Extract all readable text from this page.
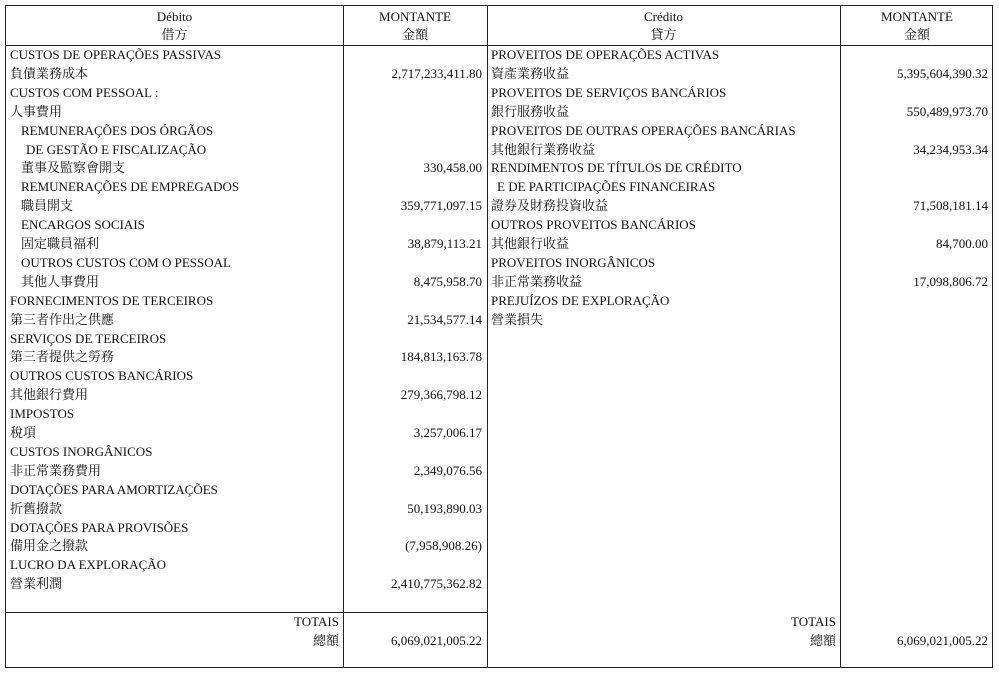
Débito
借方
MONTANTE
金額
Crédito
貸方
MONTANTE
金額
CUSTOS DE OPERAÇÕES PASSIVAS
負債業務成本	2,717,233,411.80
CUSTOS COM PESSOAL :
人事費用
REMUNERAÇÕES DOS ÓRGÃOS
DE GESTÃO E FISCALIZAÇÃO
董事及監察會開支	330,458.00
REMUNERAÇÕES DE EMPREGADOS
職員開支	359,771,097.15
ENCARGOS SOCIAIS
固定職員福利	38,879,113.21
OUTROS CUSTOS COM O PESSOAL
其他人事費用	8,475,958.70
FORNECIMENTOS DE TERCEIROS
第三者作出之供應	21,534,577.14
SERVIÇOS DE TERCEIROS
第三者提供之勞務	184,813,163.78
OUTROS CUSTOS BANCÁRIOS
其他銀行費用	279,366,798.12
IMPOSTOS
稅項	3,257,006.17
CUSTOS INORGÂNICOS
非正常業務費用	2,349,076.56
DOTAÇÕES PARA AMORTIZAÇÕES
折舊撥款	50,193,890.03
DOTAÇÕES PARA PROVISÕES
備用金之撥款	(7,958,908.26)
LUCRO DA EXPLORAÇÃO
營業利潤	2,410,775,362.82
PROVEITOS DE OPERAÇÕES ACTIVAS
資產業務收益	5,395,604,390.32
PROVEITOS DE SERVIÇOS BANCÁRIOS
銀行服務收益	550,489,973.70
PROVEITOS DE OUTRAS OPERAÇÕES BANCÁRIAS
其他銀行業務收益	34,234,953.34
RENDIMENTOS DE TÍTULOS DE CRÉDITO
E DE PARTICIPAÇÕES FINANCEIRAS
證券及財務投資收益	71,508,181.14
OUTROS PROVEITOS BANCÁRIOS
其他銀行收益	84,700.00
PROVEITOS INORGÂNICOS
非正常業務收益	17,098,806.72
PREJUÍZOS DE EXPLORAÇÃO
營業損失
TOTAIS
總額	6,069,021,005.22
TOTAIS
總額	6,069,021,005.22
